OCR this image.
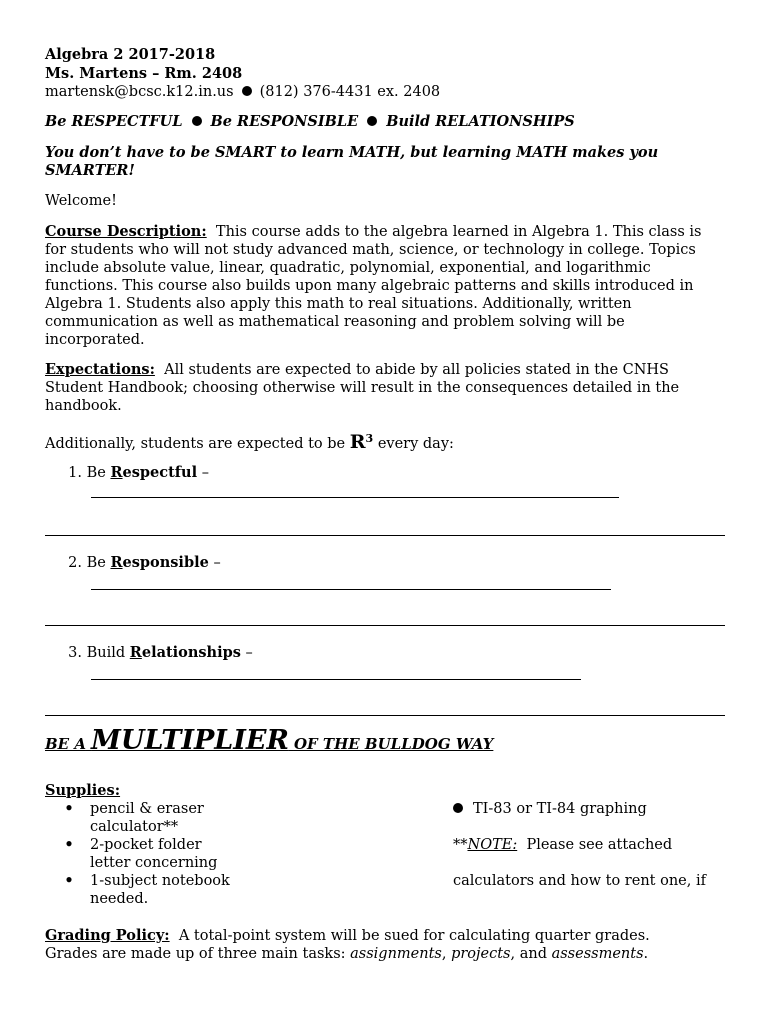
Algebra 2 2017-2018
Ms. Martens – Rm. 2408
martensk@bcsc.k12.in.us (812) 376-4431 ex. 2408
Be RESPECTFUL Be RESPONSIBLE Build RELATIONSHIPS
You don’t have to be SMART to learn MATH, but learning MATH makes you SMARTER!
Welcome!
Course Description: This course adds to the algebra learned in Algebra 1. This class is for students who will not study advanced math, science, or technology in college. Topics include absolute value, linear, quadratic, polynomial, exponential, and logarithmic functions. This course also builds upon many algebraic patterns and skills introduced in Algebra 1. Students also apply this math to real situations. Additionally, written communication as well as mathematical reasoning and problem solving will be incorporated.
Expectations: All students are expected to abide by all policies stated in the CNHS Student Handbook; choosing otherwise will result in the consequences detailed in the handbook.
Additionally, students are expected to be $R^3$ every day:
1. Be Respectful –
2. Be Responsible –
3. Build Relationships –
BE A MULTIPLIER OF THE BULLDOG WAY
Supplies:
• pencil & eraser
calculator**
• 2-pocket folder
letter concerning
• 1-subject notebook
needed.
TI-83 or TI-84 graphing
**NOTE: Please see attached
calculators and how to rent one, if
Grading Policy: A total-point system will be sued for calculating quarter grades.
Grades are made up of three main tasks: assignments, projects, and assessments.
